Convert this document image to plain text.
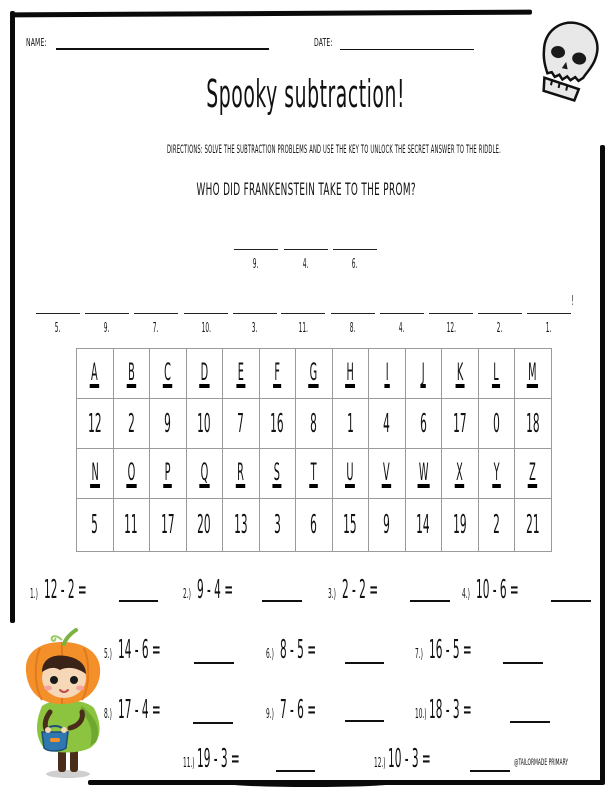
NAME:	DATE:
Spooky subtraction!
DIRECTIONS: SOLVE THE SUBTRACTION PROBLEMS AND USE THE KEY TO UNLOCK THE SECRET ANSWER TO THE RIDDLE.
WHO DID FRANKENSTEIN TAKE TO THE PROM?
9.	4.	6.
5.	9.	7.	10.	3.	11.	8.	4.	12.	2.	1.
!
A	B	C	D	E	F	G	H	I	J	K	L	M
12	2	9	10	7	16	8	1	4	6	17	0	18
N	O	P	Q	R	S	T	U	V	W	X	Y	Z
5	11	17	20	13	3	6	15	9	14	19	2	21
1.) 12 - 2 =	2.) 9 - 4 =	3.) 2 - 2 =	4.) 10 - 6 =
5.) 14 - 6 =	6.) 8 - 5 =	7.) 16 - 5 =
8.) 17 - 4 =	9.) 7 - 6 =	10.)18 - 3 =
11.)19 - 3 =	12.)10 - 3 =	@TAILORMADE PRIMARY
